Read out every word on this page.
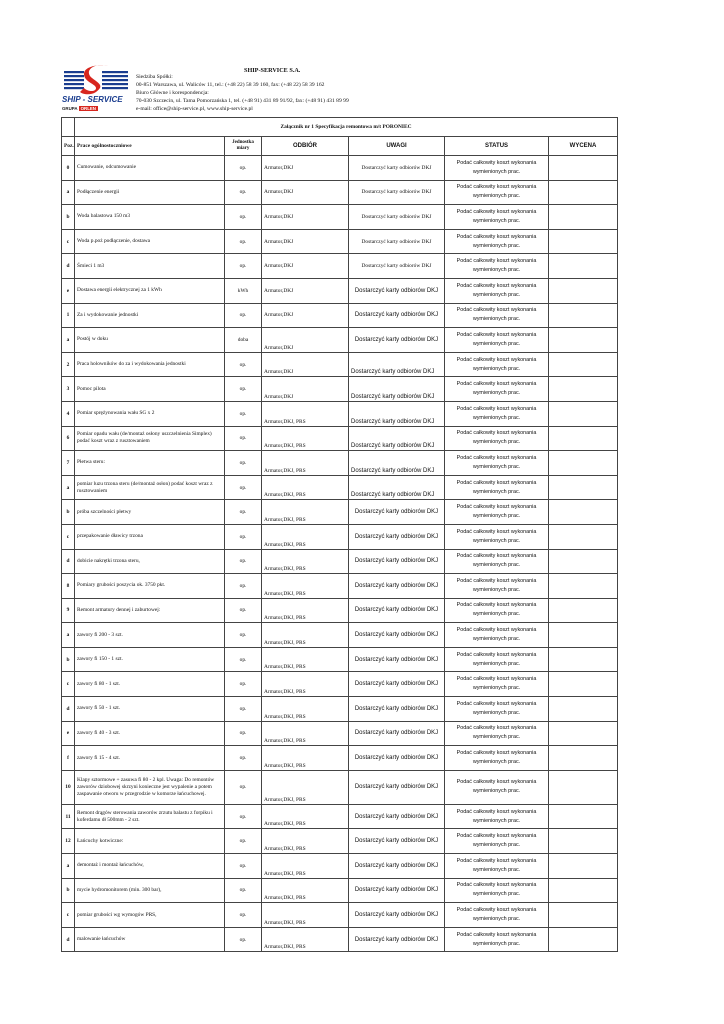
SHIP - SERVICE
GRUPA ORLEN
SHIP-SERVICE S.A.
Siedziba Spółki:
00-851 Warszawa, ul. Waliców 11, tel.: (+48 22) 58 39 160, fax: (+48 22) 58 39 162
Biuro Główne i korespondencja:
70-030 Szczecin, ul. Tama Pomorzańska 1, tel. (+48 91) 431 89 91/92, fax: (+48 91) 431 89 99
e-mail: office@ship-service.pl, www.ship-service.pl
	Załącznik nr 1 Specyfikacja remontowa m/t PORONIEC					
Poz.	Prace ogólnostoczniowe	Jednostka miary	ODBIÓR	UWAGI	STATUS	WYCENA
0	Cumowanie, odcumowanie	op.	Armator,DKJ	Dostarczyć karty odbiorów DKJ	Podać całkowity koszt wykonania wymienionych prac.	
a	Podłączenie energii	op.	Armator,DKJ	Dostarczyć karty odbiorów DKJ	Podać całkowity koszt wykonania wymienionych prac.	
b	Woda balastowa 150 m3	op.	Armator,DKJ	Dostarczyć karty odbiorów DKJ	Podać całkowity koszt wykonania wymienionych prac.	
c	Woda p.poż podłączenie, dostawa	op.	Armator,DKJ	Dostarczyć karty odbiorów DKJ	Podać całkowity koszt wykonania wymienionych prac.	
d	Śmieci 1 m3	op.	Armator,DKJ	Dostarczyć karty odbiorów DKJ	Podać całkowity koszt wykonania wymienionych prac.	
e	Dostawa energii elektrycznej za 1 kWh	kWh	Armator,DKJ	Dostarczyć karty odbiorów DKJ	Podać całkowity koszt wykonania wymienionych prac.	
1	Za i wydokowanie jednostki	op.	Armator,DKJ	Dostarczyć karty odbiorów DKJ	Podać całkowity koszt wykonania wymienionych prac.	
a	Postój w doku	doba	Armator,DKJ	Dostarczyć karty odbiorów DKJ	Podać całkowity koszt wykonania wymienionych prac.	
2	Praca holowników do za i wydokowania jednostki	op.	Armator,DKJ	Dostarczyć karty odbiorów DKJ	Podać całkowity koszt wykonania wymienionych prac.	
3	Pomoc pilota	op.	Armator,DKJ	Dostarczyć karty odbiorów DKJ	Podać całkowity koszt wykonania wymienionych prac.	
4	Pomiar sprężynowania wału SG x 2	op.	Armator,DKJ, PRS	Dostarczyć karty odbiorów DKJ	Podać całkowity koszt wykonania wymienionych prac.	
6	Pomiar opadu wału (de/montaż osłony uszczelnienia Simplex) podać koszt wraz z rusztowaniem	op.	Armator,DKJ, PRS	Dostarczyć karty odbiorów DKJ	Podać całkowity koszt wykonania wymienionych prac.	
7	Płetwa steru:	op.	Armator,DKJ, PRS	Dostarczyć karty odbiorów DKJ	Podać całkowity koszt wykonania wymienionych prac.	
a	pomiar luzu trzona steru (de/montaż osłon) podać koszt wraz z rusztowaniem	op.	Armator,DKJ, PRS	Dostarczyć karty odbiorów DKJ	Podać całkowity koszt wykonania wymienionych prac.	
b	próba szczelności płetwy	op.	Armator,DKJ, PRS	Dostarczyć karty odbiorów DKJ	Podać całkowity koszt wykonania wymienionych prac.	
c	przepakowanie dławicy trzona	op.	Armator,DKJ, PRS	Dostarczyć karty odbiorów DKJ	Podać całkowity koszt wykonania wymienionych prac.	
d	dobicie nakrętki trzona steru,	op.	Armator,DKJ, PRS	Dostarczyć karty odbiorów DKJ	Podać całkowity koszt wykonania wymienionych prac.	
8	Pomiary grubości poszycia ok. 3750 pkt.	op.	Armator,DKJ, PRS	Dostarczyć karty odbiorów DKJ	Podać całkowity koszt wykonania wymienionych prac.	
9	Remont armatury dennej i zaburtowej:	op.	Armator,DKJ, PRS	Dostarczyć karty odbiorów DKJ	Podać całkowity koszt wykonania wymienionych prac.	
a	zawory fi 200 - 3 szt.	op.	Armator,DKJ, PRS	Dostarczyć karty odbiorów DKJ	Podać całkowity koszt wykonania wymienionych prac.	
b	zawory fi 150 - 1 szt.	op.	Armator,DKJ, PRS	Dostarczyć karty odbiorów DKJ	Podać całkowity koszt wykonania wymienionych prac.	
c	zawory fi 80 - 1 szt.	op.	Armator,DKJ, PRS	Dostarczyć karty odbiorów DKJ	Podać całkowity koszt wykonania wymienionych prac.	
d	zawory fi 50 - 1 szt.	op.	Armator,DKJ, PRS	Dostarczyć karty odbiorów DKJ	Podać całkowity koszt wykonania wymienionych prac.	
e	zawory fi 40 - 3 szt.	op.	Armator,DKJ, PRS	Dostarczyć karty odbiorów DKJ	Podać całkowity koszt wykonania wymienionych prac.	
f	zawory fi 15 - 4 szt.	op.	Armator,DKJ, PRS	Dostarczyć karty odbiorów DKJ	Podać całkowity koszt wykonania wymienionych prac.	
10	Klapy sztormowe + zasuwa fi 80 - 2 kpl. Uwaga: Do remontów zaworów dziobowej skrzyni konieczne jest wypalenie a potem zaspawanie otworu w przegrodzie w komorze łańcuchowej.	op.	Armator,DKJ, PRS	Dostarczyć karty odbiorów DKJ	Podać całkowity koszt wykonania wymienionych prac.	
11	Remont drągów sterowania zaworów zrzutu balastu z forpiku i koferdamu dł 500mm - 2 szt.	op.	Armator,DKJ, PRS	Dostarczyć karty odbiorów DKJ	Podać całkowity koszt wykonania wymienionych prac.	
12	Łańcuchy kotwiczne:	op.	Armator,DKJ, PRS	Dostarczyć karty odbiorów DKJ	Podać całkowity koszt wykonania wymienionych prac.	
a	demontaż i montaż łańcuchów,	op.	Armator,DKJ, PRS	Dostarczyć karty odbiorów DKJ	Podać całkowity koszt wykonania wymienionych prac.	
b	mycie hydromonitorem (min. 300 bar),	op.	Armator,DKJ, PRS	Dostarczyć karty odbiorów DKJ	Podać całkowity koszt wykonania wymienionych prac.	
c	pomiar grubości wg wymogów PRS,	op.	Armator,DKJ, PRS	Dostarczyć karty odbiorów DKJ	Podać całkowity koszt wykonania wymienionych prac.	
d	malowanie łańcuchów	op.	Armator,DKJ, PRS	Dostarczyć karty odbiorów DKJ	Podać całkowity koszt wykonania wymienionych prac.	
